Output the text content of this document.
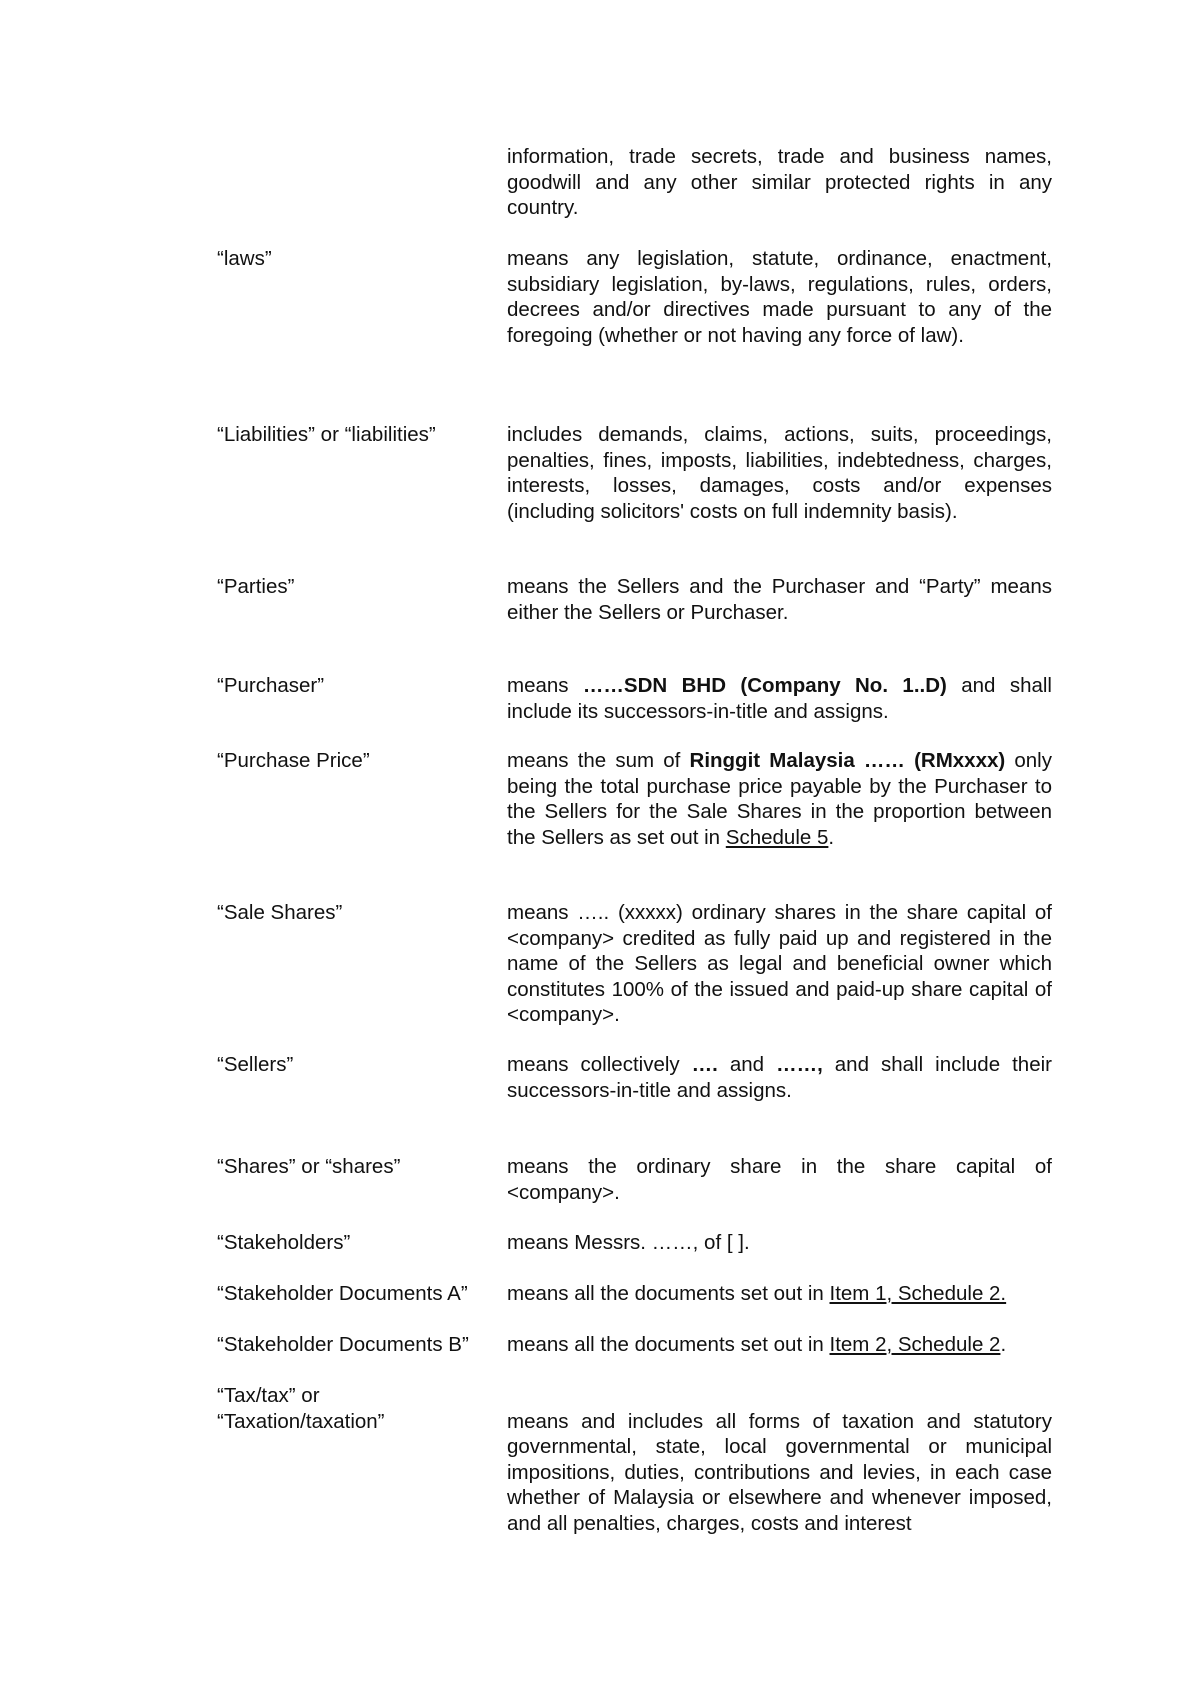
information, trade secrets, trade and business names, goodwill and any other similar protected rights in any country.
“laws”	means any legislation, statute, ordinance, enactment, subsidiary legislation, by-laws, regulations, rules, orders, decrees and/or directives made pursuant to any of the foregoing (whether or not having any force of law).
“Liabilities” or “liabilities”	includes demands, claims, actions, suits, proceedings, penalties, fines, imposts, liabilities, indebtedness, charges, interests, losses, damages, costs and/or expenses (including solicitors' costs on full indemnity basis).
“Parties”	means the Sellers and the Purchaser and “Party” means either the Sellers or Purchaser.
“Purchaser”	means ……SDN BHD (Company No. 1..D) and shall include its successors-in-title and assigns.
“Purchase Price”	means the sum of Ringgit Malaysia …… (RMxxxx) only being the total purchase price payable by the Purchaser to the Sellers for the Sale Shares in the proportion between the Sellers as set out in Schedule 5.
“Sale Shares”	means ….. (xxxxx) ordinary shares in the share capital of <company> credited as fully paid up and registered in the name of the Sellers as legal and beneficial owner which constitutes 100% of the issued and paid-up share capital of <company>.
“Sellers”	means collectively …. and ……, and shall include their successors-in-title and assigns.
“Shares” or “shares”	means the ordinary share in the share capital of <company>.
“Stakeholders”	means Messrs. ……, of [ ].
“Stakeholder Documents A”	means all the documents set out in Item 1, Schedule 2.
“Stakeholder Documents B”	means all the documents set out in Item 2, Schedule 2.
“Tax/tax” or
“Taxation/taxation”	means and includes all forms of taxation and statutory governmental, state, local governmental or municipal impositions, duties, contributions and levies, in each case whether of Malaysia or elsewhere and whenever imposed, and all penalties, charges, costs and interest
